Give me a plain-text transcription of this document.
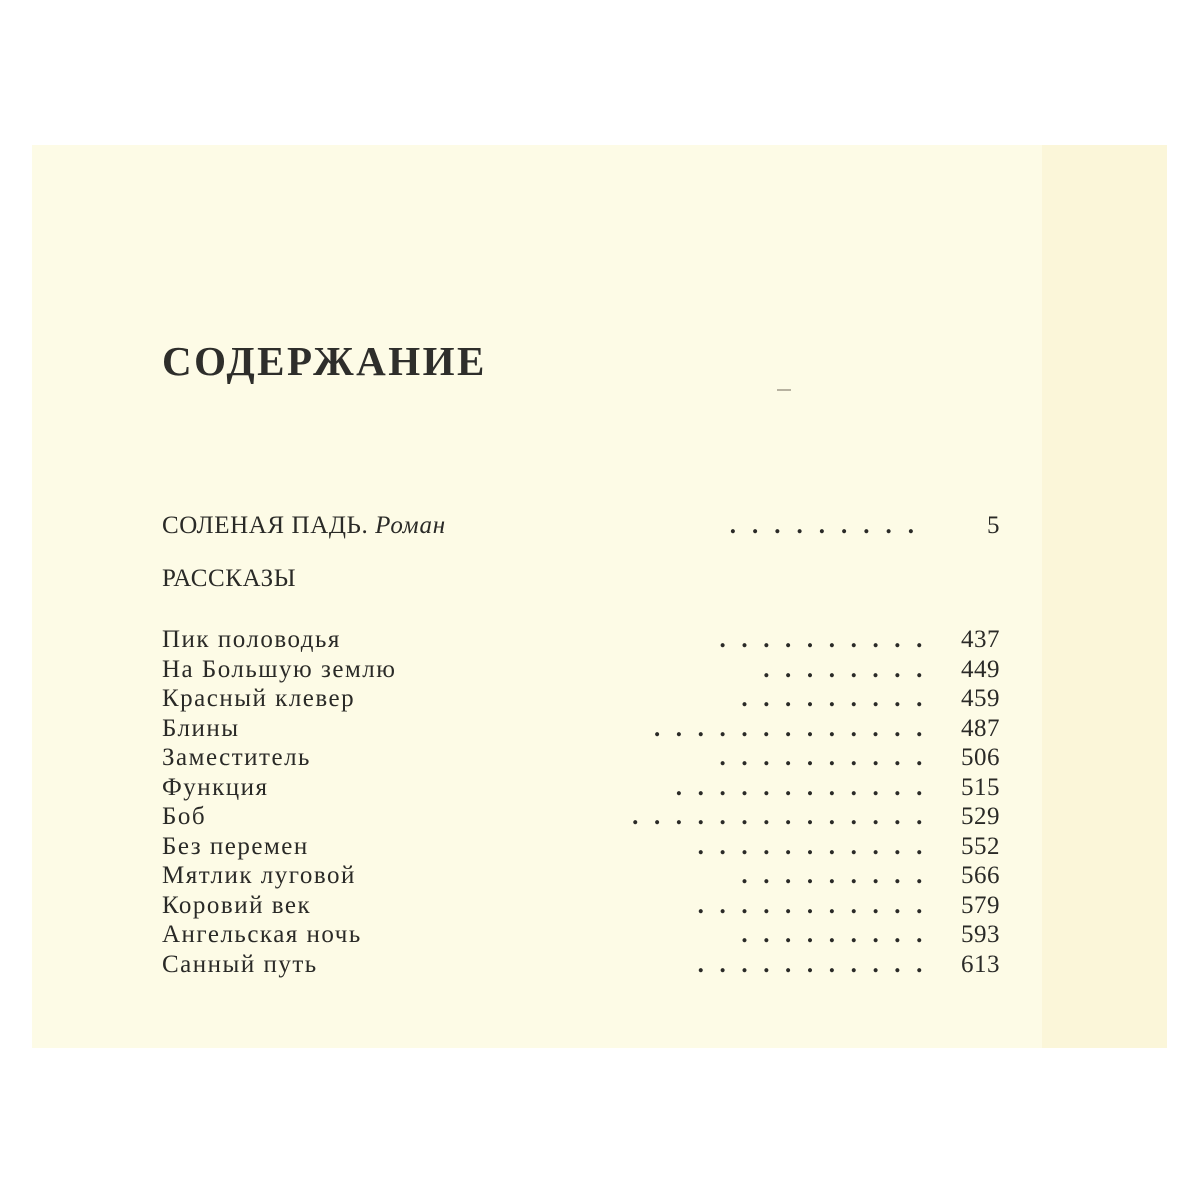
СОДЕРЖАНИЕ
СОЛЕНАЯ ПАДЬ. Роман	......... 5
РАССКАЗЫ
Пик половодья	.......... 437
На Большую землю	........ 449
Красный клевер	......... 459
Блины	............. 487
Заместитель	.......... 506
Функция	............ 515
Боб	.............. 529
Без перемен	........... 552
Мятлик луговой	......... 566
Коровий век	........... 579
Ангельская ночь	......... 593
Санный путь	........... 613
